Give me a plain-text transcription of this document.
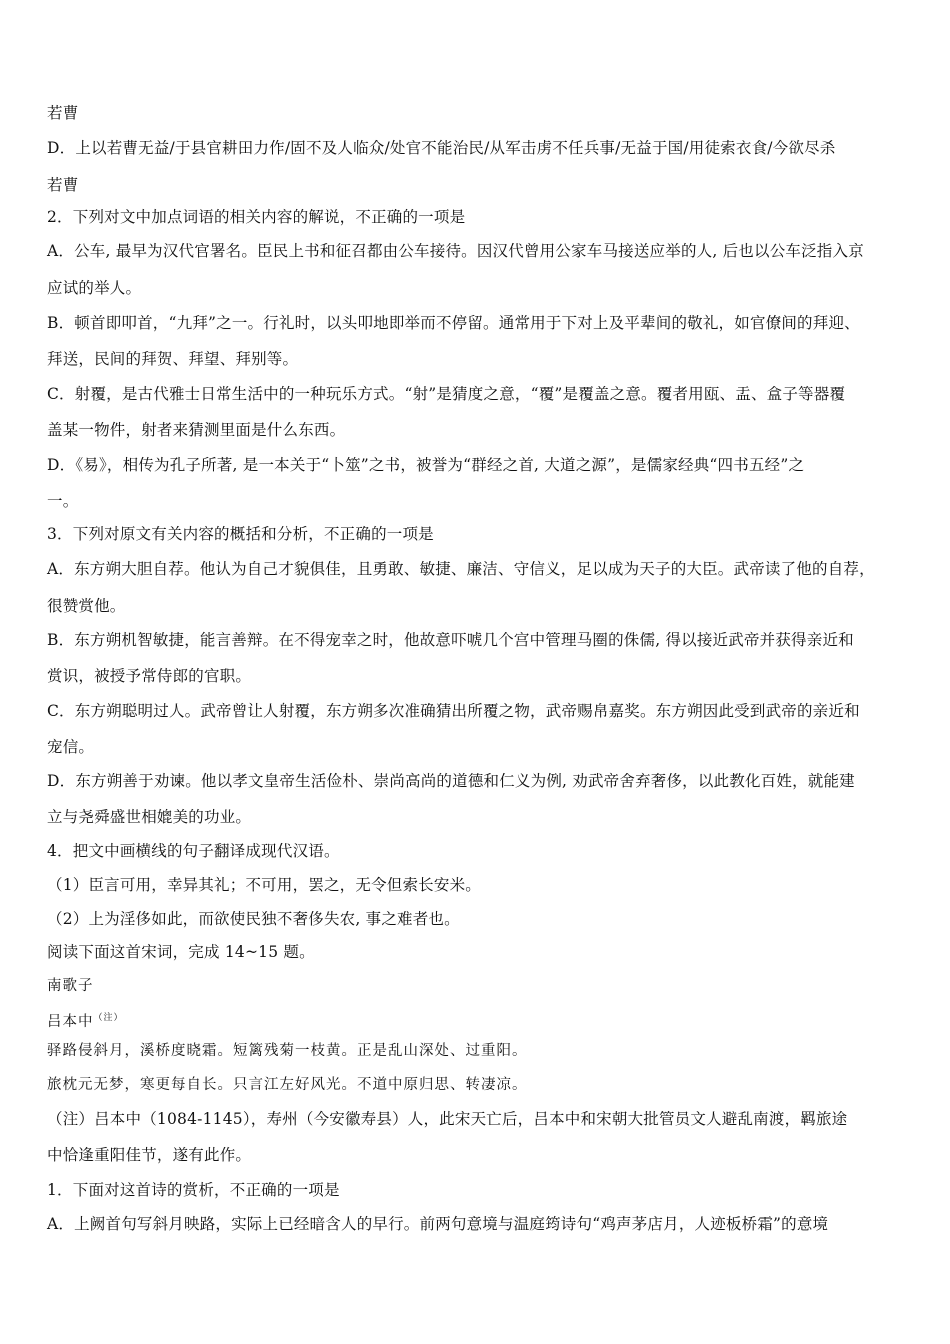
若曹
D．上以若曹无益/于县官耕田力作/固不及人临众/处官不能治民/从军击虏不任兵事/无益于国/用徒索衣食/今欲尽杀
若曹
2．下列对文中加点词语的相关内容的解说，不正确的一项是
A．公车, 最早为汉代官署名。臣民上书和征召都由公车接待。因汉代曾用公家车马接送应举的人, 后也以公车泛指入京
应试的举人。
B．顿首即叩首，“九拜”之一。行礼时，以头叩地即举而不停留。通常用于下对上及平辈间的敬礼，如官僚间的拜迎、
拜送，民间的拜贺、拜望、拜别等。
C．射覆，是古代雅士日常生活中的一种玩乐方式。“射”是猜度之意，“覆”是覆盖之意。覆者用瓯、盂、盒子等器覆
盖某一物件，射者来猜测里面是什么东西。
D．《易》，相传为孔子所著, 是一本关于“卜筮”之书，被誉为“群经之首, 大道之源”，是儒家经典“四书五经”之
一。
3．下列对原文有关内容的概括和分析，不正确的一项是
A．东方朔大胆自荐。他认为自己才貌俱佳，且勇敢、敏捷、廉洁、守信义，足以成为天子的大臣。武帝读了他的自荐，
很赞赏他。
B．东方朔机智敏捷，能言善辩。在不得宠幸之时，他故意吓唬几个宫中管理马圈的侏儒, 得以接近武帝并获得亲近和
赏识，被授予常侍郎的官职。
C．东方朔聪明过人。武帝曾让人射覆，东方朔多次准确猜出所覆之物，武帝赐帛嘉奖。东方朔因此受到武帝的亲近和
宠信。
D．东方朔善于劝谏。他以孝文皇帝生活俭朴、崇尚高尚的道德和仁义为例, 劝武帝舍弃奢侈，以此教化百姓，就能建
立与尧舜盛世相媲美的功业。
4．把文中画横线的句子翻译成现代汉语。
（1）臣言可用，幸异其礼；不可用，罢之，无令但索长安米。
（2）上为淫侈如此，而欲使民独不奢侈失农, 事之难者也。
阅读下面这首宋词，完成 14~15 题。
南歌子
吕本中$^{(注)}$
驿路侵斜月，溪桥度晓霜。短篱残菊一枝黄。正是乱山深处、过重阳。
旅枕元无梦，寒更每自长。只言江左好风光。不道中原归思、转凄凉。
（注）吕本中（1084-1145），寿州（今安徽寿县）人，此宋天亡后，吕本中和宋朝大批管员文人避乱南渡，羁旅途
中恰逢重阳佳节，遂有此作。
1．下面对这首诗的赏析，不正确的一项是
A．上阙首句写斜月映路，实际上已经暗含人的早行。前两句意境与温庭筠诗句“鸡声茅店月，人迹板桥霜”的意境
